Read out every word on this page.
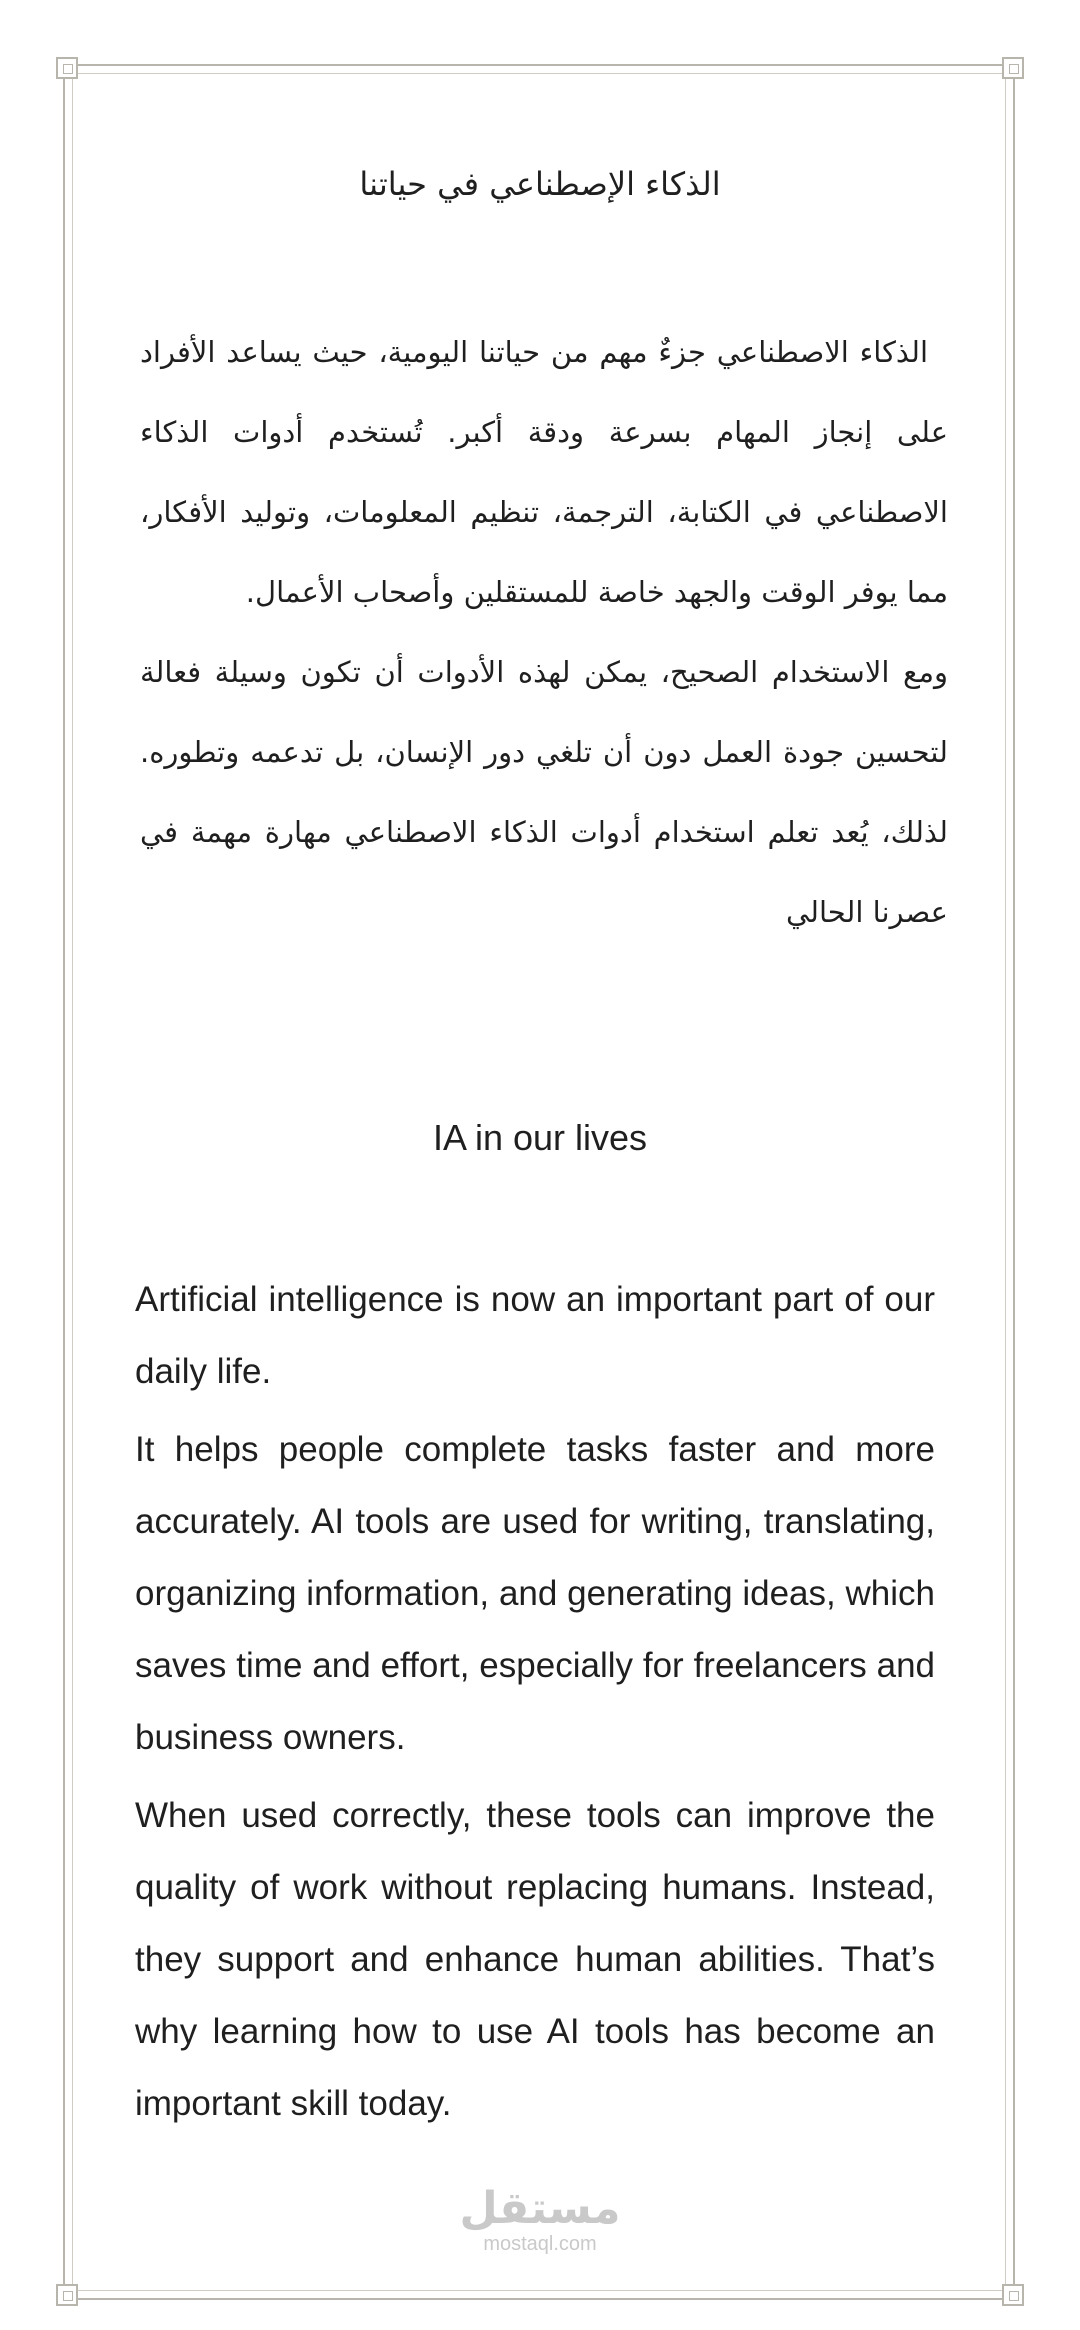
الذكاء الإصطناعي في حياتنا

الذكاء الاصطناعي جزءٌ مهم من حياتنا اليومية، حيث يساعد الأفراد على إنجاز المهام بسرعة ودقة أكبر. تُستخدم أدوات الذكاء الاصطناعي في الكتابة، الترجمة، تنظيم المعلومات، وتوليد الأفكار، مما يوفر الوقت والجهد خاصة للمستقلين وأصحاب الأعمال.

ومع الاستخدام الصحيح، يمكن لهذه الأدوات أن تكون وسيلة فعالة لتحسين جودة العمل دون أن تلغي دور الإنسان، بل تدعمه وتطوره. لذلك، يُعد تعلم استخدام أدوات الذكاء الاصطناعي مهارة مهمة في عصرنا الحالي

IA in our lives

Artificial intelligence is now an important part of our daily life.

It helps people complete tasks faster and more accurately. AI tools are used for writing, translating, organizing information, and generating ideas, which saves time and effort, especially for freelancers and business owners.

When used correctly, these tools can improve the quality of work without replacing humans. Instead, they support and enhance human abilities. That’s why learning how to use AI tools has become an important skill today.

مستقل
mostaql.com
